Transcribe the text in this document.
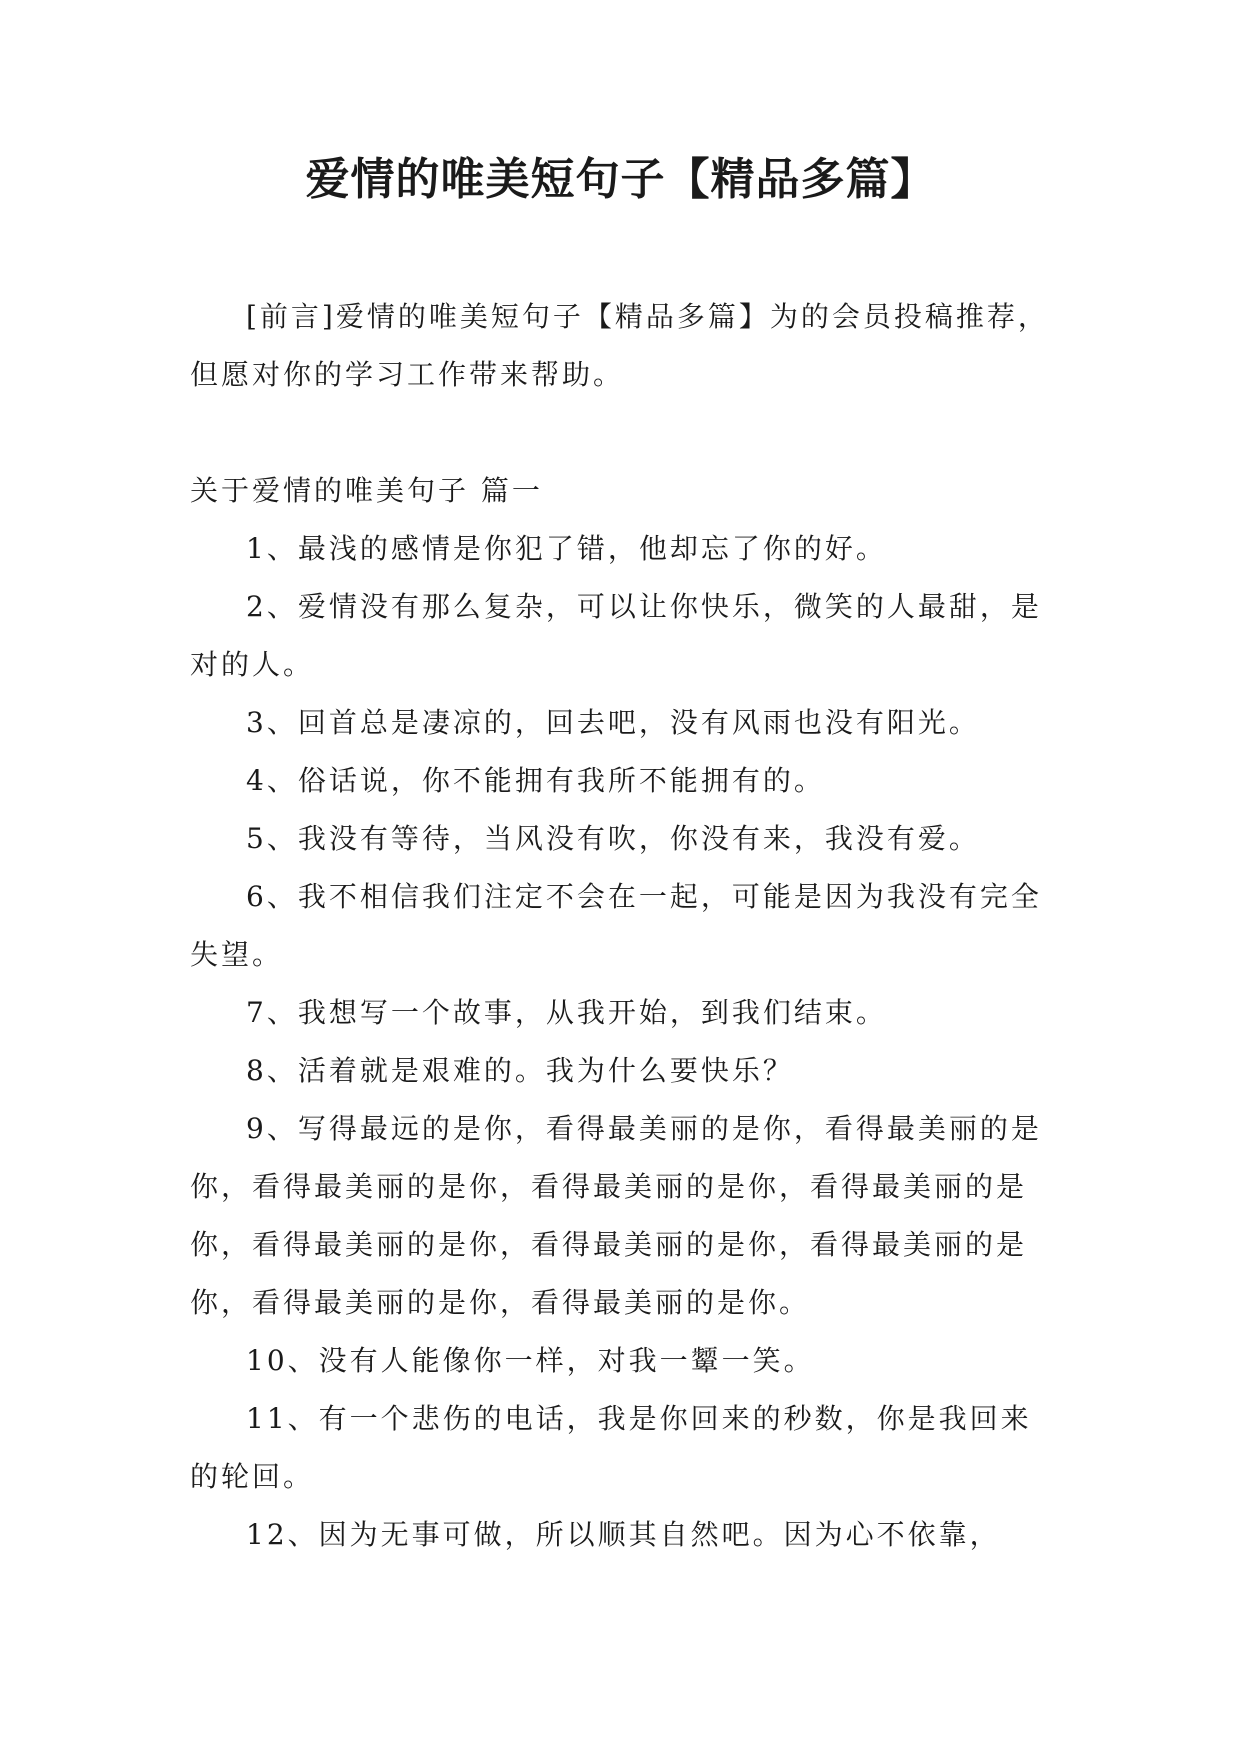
爱情的唯美短句子【精品多篇】

[前言]爱情的唯美短句子【精品多篇】为的会员投稿推荐，但愿对你的学习工作带来帮助。

关于爱情的唯美句子 篇一

1、最浅的感情是你犯了错，他却忘了你的好。

2、爱情没有那么复杂，可以让你快乐，微笑的人最甜，是对的人。

3、回首总是凄凉的，回去吧，没有风雨也没有阳光。

4、俗话说，你不能拥有我所不能拥有的。

5、我没有等待，当风没有吹，你没有来，我没有爱。

6、我不相信我们注定不会在一起，可能是因为我没有完全失望。

7、我想写一个故事，从我开始，到我们结束。

8、活着就是艰难的。我为什么要快乐？

9、写得最远的是你，看得最美丽的是你，看得最美丽的是你，看得最美丽的是你，看得最美丽的是你，看得最美丽的是你，看得最美丽的是你，看得最美丽的是你，看得最美丽的是你，看得最美丽的是你，看得最美丽的是你。

10、没有人能像你一样，对我一颦一笑。

11、有一个悲伤的电话，我是你回来的秒数，你是我回来的轮回。

12、因为无事可做，所以顺其自然吧。因为心不依靠，
